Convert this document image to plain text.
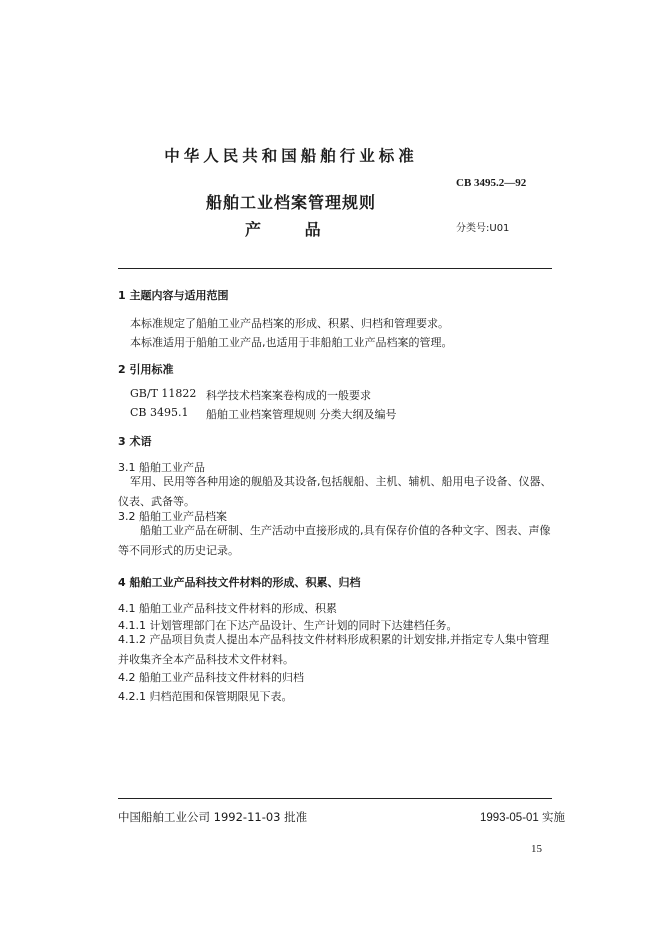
中华人民共和国船舶行业标准
CB 3495.2—92
船舶工业档案管理规则
产 品	分类号:U01
1 主题内容与适用范围
本标准规定了船舶工业产品档案的形成、积累、归档和管理要求。
本标准适用于船舶工业产品,也适用于非船舶工业产品档案的管理。
2 引用标准
GB/T 11822 科学技术档案案卷构成的一般要求
CB 3495.1 船舶工业档案管理规则 分类大纲及编号
3 术语
3.1 船舶工业产品
军用、民用等各种用途的舰船及其设备,包括舰船、主机、辅机、船用电子设备、仪器、仪表、武备等。
3.2 船舶工业产品档案
船舶工业产品在研制、生产活动中直接形成的,具有保存价值的各种文字、图表、声像等不同形式的历史记录。
4 船舶工业产品科技文件材料的形成、积累、归档
4.1 船舶工业产品科技文件材料的形成、积累
4.1.1 计划管理部门在下达产品设计、生产计划的同时下达建档任务。
4.1.2 产品项目负责人提出本产品科技文件材料形成积累的计划安排,并指定专人集中管理并收集齐全本产品科技术文件材料。
4.2 船舶工业产品科技文件材料的归档
4.2.1 归档范围和保管期限见下表。
中国船舶工业公司 1992-11-03 批准	1993-05-01 实施
15
